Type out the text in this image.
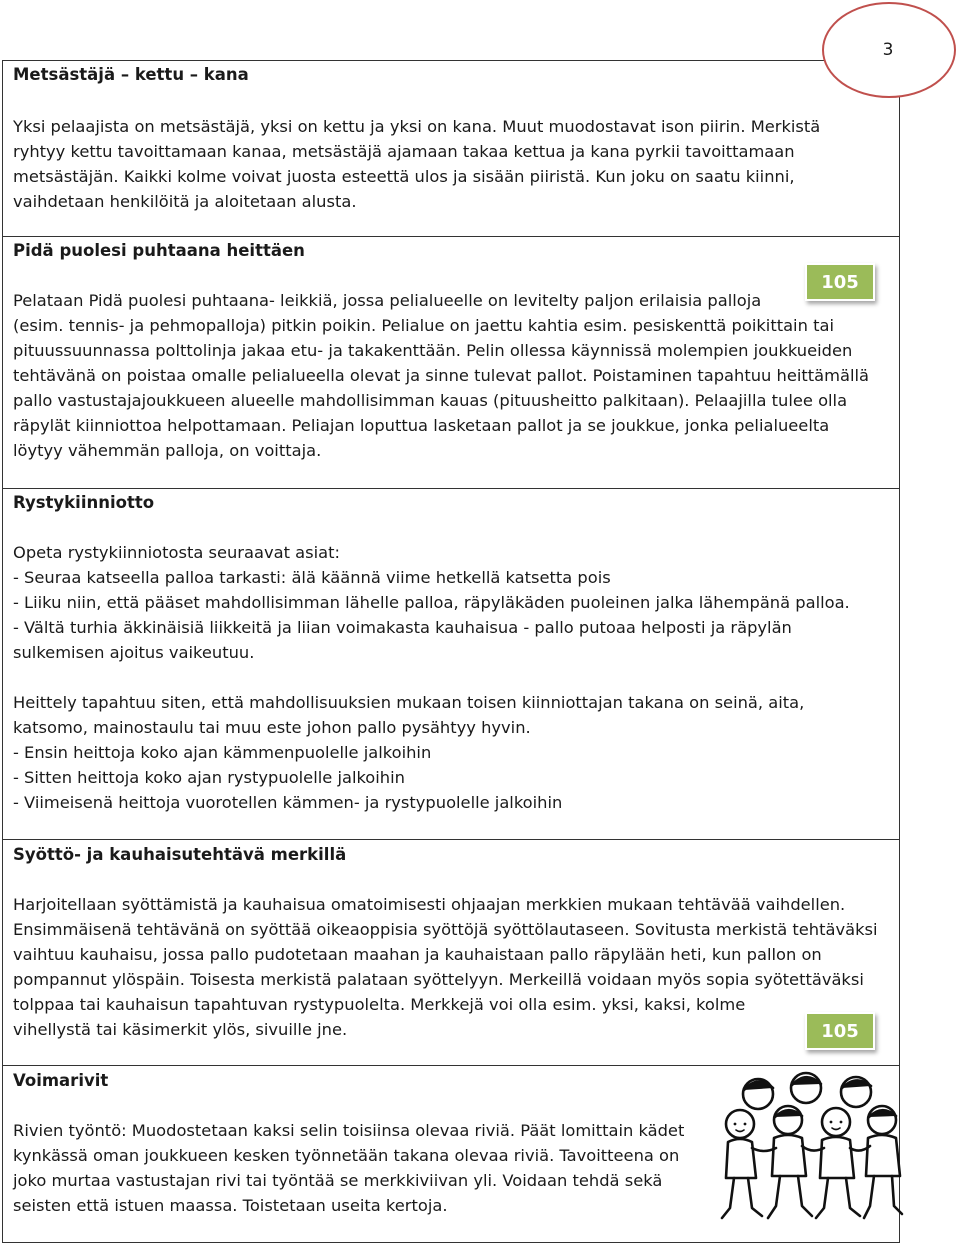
3
Metsästäjä – kettu – kana
Yksi pelaajista on metsästäjä, yksi on kettu ja yksi on kana. Muut muodostavat ison piirin. Merkistä
ryhtyy kettu tavoittamaan kanaa, metsästäjä ajamaan takaa kettua ja kana pyrkii tavoittamaan
metsästäjän. Kaikki kolme voivat juosta esteettä ulos ja sisään piiristä. Kun joku on saatu kiinni,
vaihdetaan henkilöitä ja aloitetaan alusta.
Pidä puolesi puhtaana heittäen
105
Pelataan Pidä puolesi puhtaana- leikkiä, jossa pelialueelle on levitelty paljon erilaisia palloja
(esim. tennis- ja pehmopalloja) pitkin poikin. Pelialue on jaettu kahtia esim. pesiskenttä poikittain tai
pituussuunnassa polttolinja jakaa etu- ja takakenttään. Pelin ollessa käynnissä molempien joukkueiden
tehtävänä on poistaa omalle pelialueella olevat ja sinne tulevat pallot. Poistaminen tapahtuu heittämällä
pallo vastustajajoukkueen alueelle mahdollisimman kauas (pituusheitto palkitaan). Pelaajilla tulee olla
räpylät kiinniottoa helpottamaan. Peliajan loputtua lasketaan pallot ja se joukkue, jonka pelialueelta
löytyy vähemmän palloja, on voittaja.
Rystykiinniotto
Opeta rystykiinniotosta seuraavat asiat:
- Seuraa katseella palloa tarkasti: älä käännä viime hetkellä katsetta pois
- Liiku niin, että pääset mahdollisimman lähelle palloa, räpyläkäden puoleinen jalka lähempänä palloa.
- Vältä turhia äkkinäisiä liikkeitä ja liian voimakasta kauhaisua - pallo putoaa helposti ja räpylän
sulkemisen ajoitus vaikeutuu.
Heittely tapahtuu siten, että mahdollisuuksien mukaan toisen kiinniottajan takana on seinä, aita,
katsomo, mainostaulu tai muu este johon pallo pysähtyy hyvin.
- Ensin heittoja koko ajan kämmenpuolelle jalkoihin
- Sitten heittoja koko ajan rystypuolelle jalkoihin
- Viimeisenä heittoja vuorotellen kämmen- ja rystypuolelle jalkoihin
Syöttö- ja kauhaisutehtävä merkillä
Harjoitellaan syöttämistä ja kauhaisua omatoimisesti ohjaajan merkkien mukaan tehtävää vaihdellen.
Ensimmäisenä tehtävänä on syöttää oikeaoppisia syöttöjä syöttölautaseen. Sovitusta merkistä tehtäväksi
vaihtuu kauhaisu, jossa pallo pudotetaan maahan ja kauhaistaan pallo räpylään heti, kun pallon on
pompannut ylöspäin. Toisesta merkistä palataan syöttelyyn. Merkeillä voidaan myös sopia syötettäväksi
tolppaa tai kauhaisun tapahtuvan rystypuolelta. Merkkejä voi olla esim. yksi, kaksi, kolme
vihellystä tai käsimerkit ylös, sivuille jne.	105
Voimarivit
Rivien työntö: Muodostetaan kaksi selin toisiinsa olevaa riviä. Päät lomittain kädet
kynkässä oman joukkueen kesken työnnetään takana olevaa riviä. Tavoitteena on
joko murtaa vastustajan rivi tai työntää se merkkiviivan yli. Voidaan tehdä sekä
seisten että istuen maassa. Toistetaan useita kertoja.
